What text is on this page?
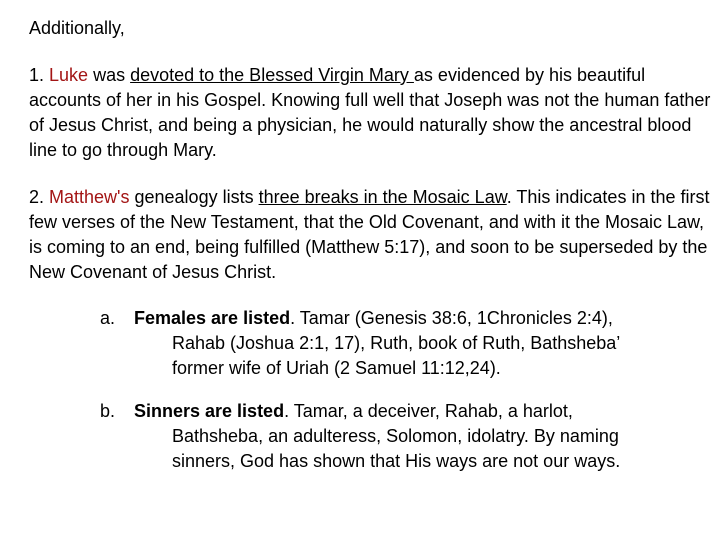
Additionally,
1. Luke was devoted to the Blessed Virgin Mary as evidenced by his beautiful accounts of her in his Gospel. Knowing full well that Joseph was not the human father of Jesus Christ, and being a physician, he would naturally show the ancestral blood line to go through Mary.
2. Matthew's genealogy lists three breaks in the Mosaic Law. This indicates in the first few verses of the New Testament, that the Old Covenant, and with it the Mosaic Law, is coming to an end, being fulfilled (Matthew 5:17), and soon to be superseded by the New Covenant of Jesus Christ.
a. Females are listed. Tamar (Genesis 38:6, 1Chronicles 2:4),
Rahab (Joshua 2:1, 17), Ruth, book of Ruth, Bathsheba’
former wife of Uriah (2 Samuel 11:12,24).
b. Sinners are listed. Tamar, a deceiver, Rahab, a harlot,
Bathsheba, an adulteress, Solomon, idolatry. By naming
sinners, God has shown that His ways are not our ways.
